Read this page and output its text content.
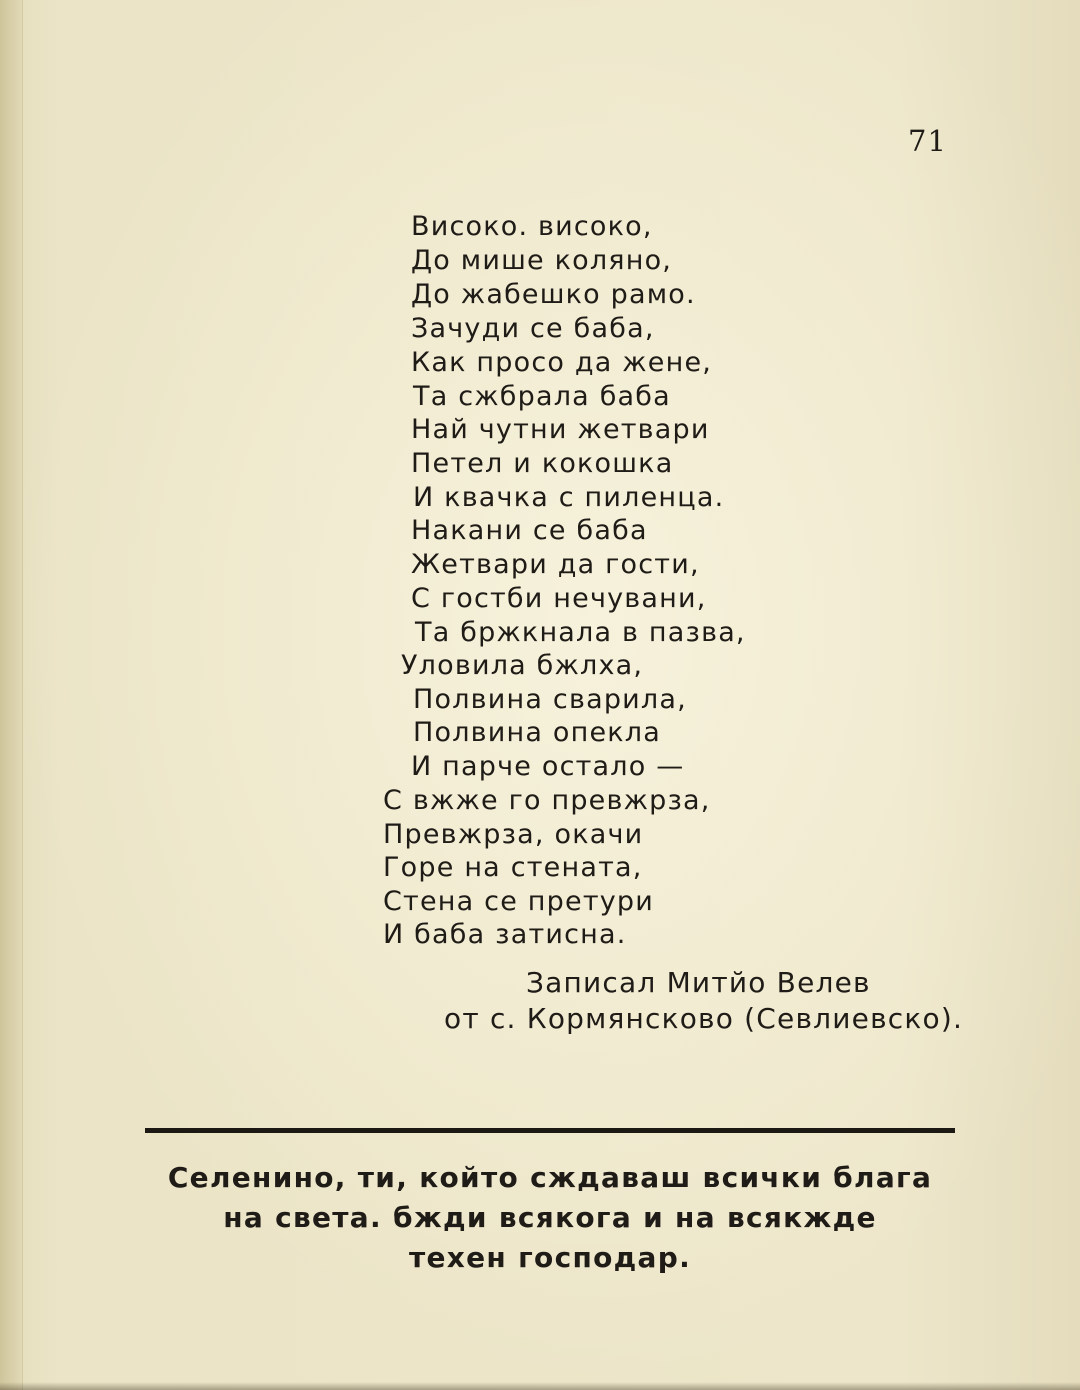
71
Високо. високо,
До мише коляно,
До жабешко рамо.
Зачуди се баба,
Как просо да жене,
Та сжбрала баба
Най чутни жетвари
Петел и кокошка
И квачка с пиленца.
Накани се баба
Жетвари да гости,
С гостби нечувани,
Та бржкнала в пазва,
Уловила бжлха,
Полвина сварила,
Полвина опекла
И парче остало —
С вжже го превжрза,
Превжрза, окачи
Горе на стената,
Стена се претури
И баба затисна.
Записал Митйо Велев
от с. Кормянсково (Севлиевско).
Селенино, ти, който сждаваш всички блага
на света. бжди всякога и на всякжде
техен господар.
